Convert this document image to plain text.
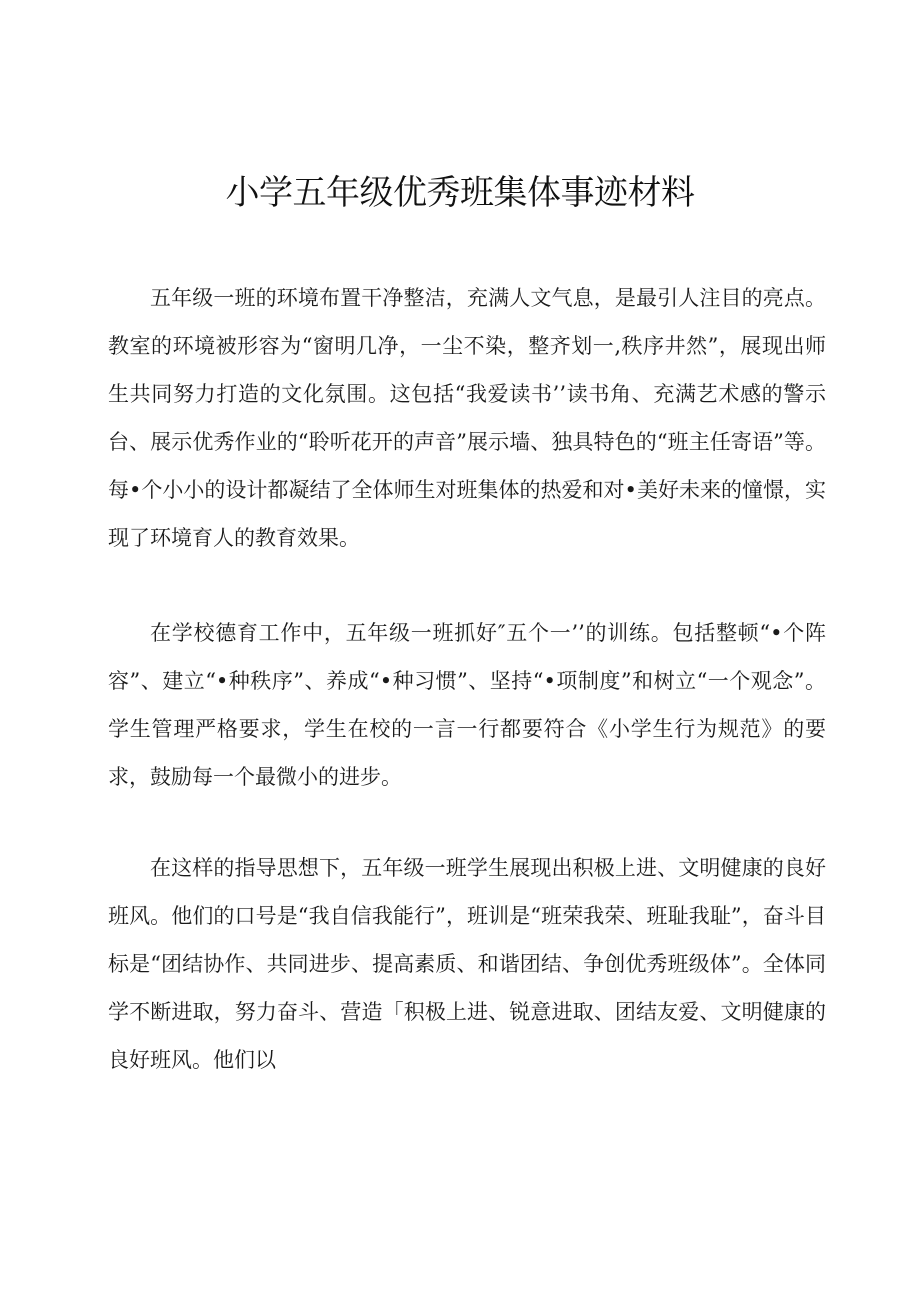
小学五年级优秀班集体事迹材料

五年级一班的环境布置干净整洁，充满人文气息，是最引人注目的亮点。教室的环境被形容为“窗明几净，一尘不染，整齐划一,秩序井然”，展现出师生共同努力打造的文化氛围。这包括“我爱读书’’读书角、充满艺术感的警示台、展示优秀作业的“聆听花开的声音”展示墙、独具特色的“班主任寄语”等。每•个小小的设计都凝结了全体师生对班集体的热爱和对•美好未来的憧憬，实现了环境育人的教育效果。

在学校德育工作中，五年级一班抓好″五个一’’的训练。包括整顿“•个阵容”、建立“•种秩序”、养成“•种习惯”、坚持“•项制度”和树立“一个观念”。学生管理严格要求，学生在校的一言一行都要符合《小学生行为规范》的要求，鼓励每一个最微小的进步。

在这样的指导思想下，五年级一班学生展现出积极上进、文明健康的良好班风。他们的口号是“我自信我能行”，班训是“班荣我荣、班耻我耻”，奋斗目标是“团结协作、共同进步、提高素质、和谐团结、争创优秀班级体”。全体同学不断进取，努力奋斗、营造「积极上进、锐意进取、团结友爱、文明健康的良好班风。他们以
